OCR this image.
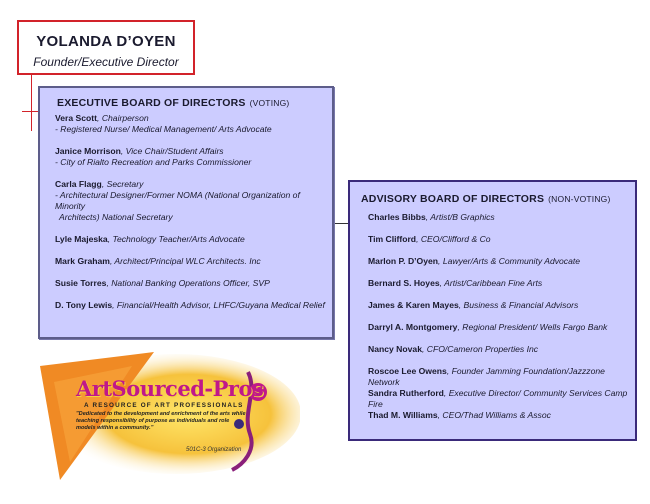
YOLANDA D’OYEN
Founder/Executive Director
EXECUTIVE BOARD OF DIRECTORS (VOTING)
Vera Scott, Chairperson
- Registered Nurse/ Medical Management/ Arts Advocate
Janice Morrison, Vice Chair/Student Affairs
- City of Rialto Recreation and Parks Commissioner
Carla Flagg, Secretary
- Architectural Designer/Former NOMA (National Organization of Minority
Architects) National Secretary
Lyle Majeska, Technology Teacher/Arts Advocate
Mark Graham, Architect/Principal WLC Architects. Inc
Susie Torres, National Banking Operations Officer, SVP
D. Tony Lewis, Financial/Health Advisor, LHFC/Guyana Medical Relief
ADVISORY BOARD OF DIRECTORS (NON-VOTING)
Charles Bibbs, Artist/B Graphics
Tim Clifford, CEO/Clifford & Co
Marlon P. D’Oyen, Lawyer/Arts & Community Advocate
Bernard S. Hoyes, Artist/Caribbean Fine Arts
James & Karen Mayes, Business & Financial Advisors
Darryl A. Montgomery, Regional President/ Wells Fargo Bank
Nancy Novak, CFO/Cameron Properties Inc
Roscoe Lee Owens, Founder Jamming Foundation/Jazzzone Network
Sandra Rutherford, Executive Director/ Community Services Camp Fire
Thad M. Williams, CEO/Thad Williams & Assoc
ArtSourced-Pros
A RESOURCE OF ART PROFESSIONALS
"Dedicated to the development and enrichment of the arts while teaching responsibility of purpose as individuals and role models within a community."
501C-3 Organization
